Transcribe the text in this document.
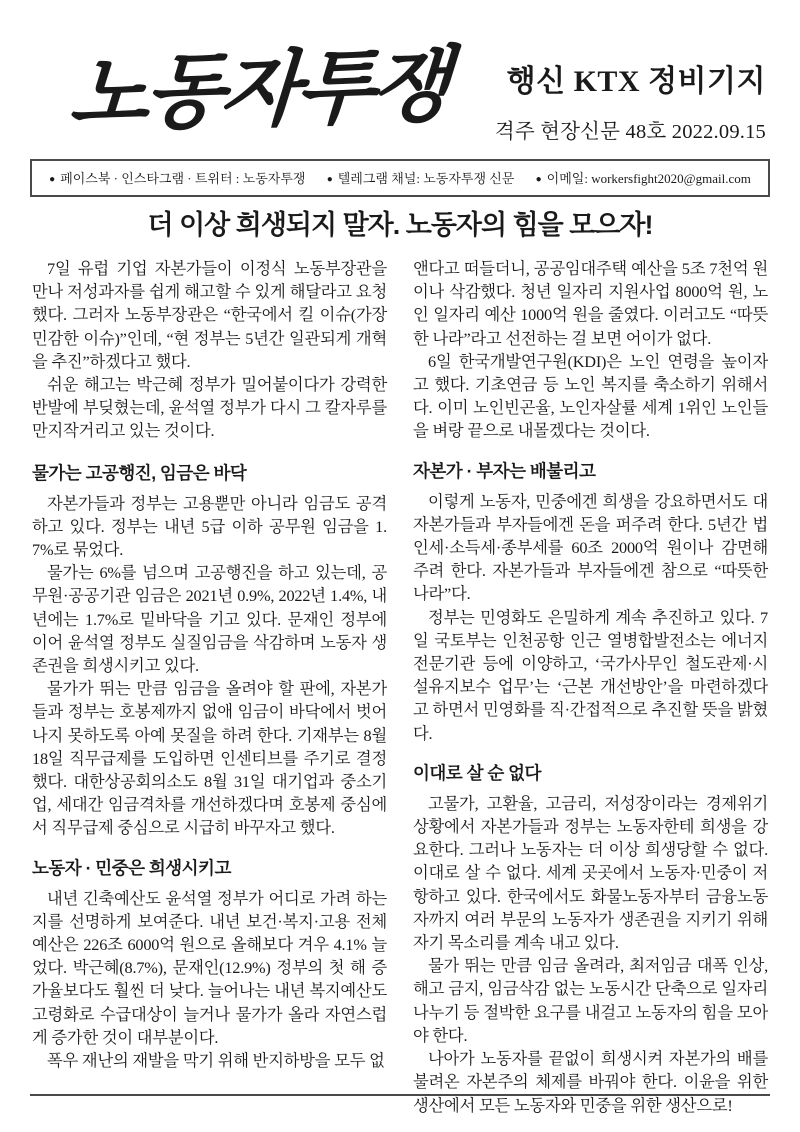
노동자투쟁	행신 KTX 정비기지
격주 현장신문 48호 2022.09.15
● 페이스북 · 인스타그램 · 트위터 : 노동자투쟁 ● 텔레그램 채널: 노동자투쟁 신문 ● 이메일: workersfight2020@gmail.com
더 이상 희생되지 말자. 노동자의 힘을 모으자!

7일 유럽 기업 자본가들이 이정식 노동부장관을 만나 저성과자를 쉽게 해고할 수 있게 해달라고 요청했다. 그러자 노동부장관은 “한국에서 킬 이슈(가장 민감한 이슈)”인데, “현 정부는 5년간 일관되게 개혁을 추진”하겠다고 했다.

쉬운 해고는 박근혜 정부가 밀어붙이다가 강력한 반발에 부딪혔는데, 윤석열 정부가 다시 그 칼자루를 만지작거리고 있는 것이다.

물가는 고공행진, 임금은 바닥

자본가들과 정부는 고용뿐만 아니라 임금도 공격하고 있다. 정부는 내년 5급 이하 공무원 임금을 1.7%로 묶었다.

물가는 6%를 넘으며 고공행진을 하고 있는데, 공무원·공공기관 임금은 2021년 0.9%, 2022년 1.4%, 내년에는 1.7%로 밑바닥을 기고 있다. 문재인 정부에 이어 윤석열 정부도 실질임금을 삭감하며 노동자 생존권을 희생시키고 있다.

물가가 뛰는 만큼 임금을 올려야 할 판에, 자본가들과 정부는 호봉제까지 없애 임금이 바닥에서 벗어나지 못하도록 아예 못질을 하려 한다. 기재부는 8월 18일 직무급제를 도입하면 인센티브를 주기로 결정했다. 대한상공회의소도 8월 31일 대기업과 중소기업, 세대간 임금격차를 개선하겠다며 호봉제 중심에서 직무급제 중심으로 시급히 바꾸자고 했다.

노동자 · 민중은 희생시키고

내년 긴축예산도 윤석열 정부가 어디로 가려 하는지를 선명하게 보여준다. 내년 보건·복지·고용 전체 예산은 226조 6000억 원으로 올해보다 겨우 4.1% 늘었다. 박근혜(8.7%), 문재인(12.9%) 정부의 첫 해 증가율보다도 훨씬 더 낮다. 늘어나는 내년 복지예산도 고령화로 수급대상이 늘거나 물가가 올라 자연스럽게 증가한 것이 대부분이다.

폭우 재난의 재발을 막기 위해 반지하방을 모두 없

앤다고 떠들더니, 공공임대주택 예산을 5조 7천억 원이나 삭감했다. 청년 일자리 지원사업 8000억 원, 노인 일자리 예산 1000억 원을 줄였다. 이러고도 “따뜻한 나라”라고 선전하는 걸 보면 어이가 없다.

6일 한국개발연구원(KDI)은 노인 연령을 높이자고 했다. 기초연금 등 노인 복지를 축소하기 위해서다. 이미 노인빈곤율, 노인자살률 세계 1위인 노인들을 벼랑 끝으로 내몰겠다는 것이다.

자본가 · 부자는 배불리고

이렇게 노동자, 민중에겐 희생을 강요하면서도 대자본가들과 부자들에겐 돈을 퍼주려 한다. 5년간 법인세·소득세·종부세를 60조 2000억 원이나 감면해 주려 한다. 자본가들과 부자들에겐 참으로 “따뜻한 나라”다.

정부는 민영화도 은밀하게 계속 추진하고 있다. 7일 국토부는 인천공항 인근 열병합발전소는 에너지 전문기관 등에 이양하고, ‘국가사무인 철도관제·시설유지보수 업무’는 ‘근본 개선방안’을 마련하겠다고 하면서 민영화를 직·간접적으로 추진할 뜻을 밝혔다.

이대로 살 순 없다

고물가, 고환율, 고금리, 저성장이라는 경제위기 상황에서 자본가들과 정부는 노동자한테 희생을 강요한다. 그러나 노동자는 더 이상 희생당할 수 없다. 이대로 살 수 없다. 세계 곳곳에서 노동자·민중이 저항하고 있다. 한국에서도 화물노동자부터 금융노동자까지 여러 부문의 노동자가 생존권을 지키기 위해 자기 목소리를 계속 내고 있다.

물가 뛰는 만큼 임금 올려라, 최저임금 대폭 인상, 해고 금지, 임금삭감 없는 노동시간 단축으로 일자리 나누기 등 절박한 요구를 내걸고 노동자의 힘을 모아야 한다.

나아가 노동자를 끝없이 희생시켜 자본가의 배를 불려온 자본주의 체제를 바꿔야 한다. 이윤을 위한 생산에서 모든 노동자와 민중을 위한 생산으로!
